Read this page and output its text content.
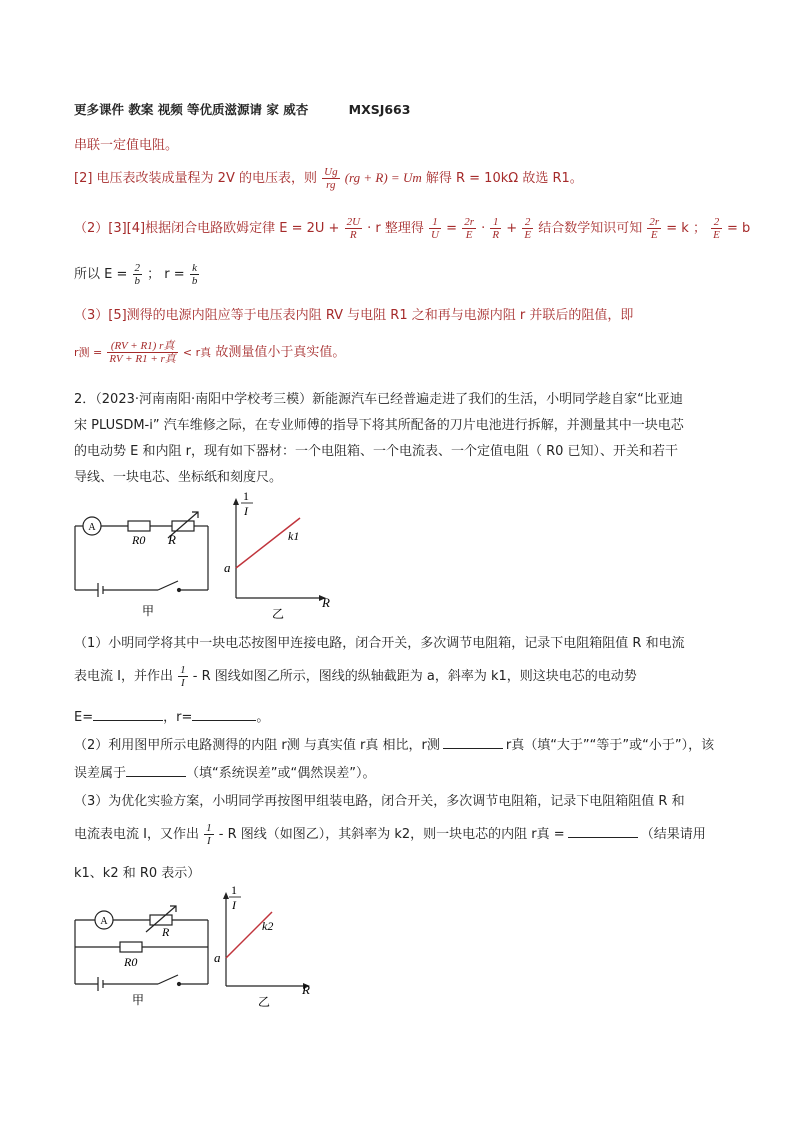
更多课件 教案 视频 等优质滋源请 家 威杏	MXSJ663
串联一定值电阻。
[2] 电压表改装成量程为 2V 的电压表，则 $\frac{Ug}{rg} (rg + R) = Um$ 解得 R = 10kΩ 故选 R1。
（2）[3][4]根据闭合电路欧姆定律 $E = 2U + \frac{2U}{R} \cdot r$ 整理得 $\frac{1}{U} = \frac{2r}{E} \cdot \frac{1}{R} + \frac{2}{E}$ 结合数学知识可知 $\frac{2r}{E} = k$ ； $\frac{2}{E} = b$
所以 $E = \frac{2}{b}$ ； $r = \frac{k}{b}$
（3）[5]测得的电源内阻应等于电压表内阻 RV 与电阻 R1 之和再与电源内阻 r 并联后的阻值，即
r测 = $\frac{\text{(RV + R1) r真}}{\text{RV + R1 + r真}} < r$真 故测量值小于真实值。
2．（2023·河南南阳·南阳中学校考三模）新能源汽车已经普遍走进了我们的生活，小明同学趁自家“比亚迪
宋 PLUSDM-i” 汽车维修之际，在专业师傅的指导下将其所配备的刀片电池进行拆解，并测量其中一块电芯
的电动势 E 和内阻 r，现有如下器材：一个电阻箱、一个电流表、一个定值电阻（ R0 已知）、开关和若干
导线、一块电芯、坐标纸和刻度尺。
A
R0 R
甲
1
I
a
k1
R
乙
（1）小明同学将其中一块电芯按图甲连接电路，闭合开关，多次调节电阻箱，记录下电阻箱阻值 R 和电流
表电流 I，并作出 $\frac{1}{I}$ - R 图线如图乙所示，图线的纵轴截距为 a，斜率为 k1，则这块电芯的电动势
E=	，r=	。
（2）利用图甲所示电路测得的内阻 r测 与真实值 r真 相比，r测	r真（填“大于”“等于”或“小于”），该
误差属于	（填“系统误差”或“偶然误差”）。
（3）为优化实验方案，小明同学再按图甲组装电路，闭合开关，多次调节电阻箱，记录下电阻箱阻值 R 和
电流表电流 I，又作出 $\frac{1}{I}$ - R 图线（如图乙），其斜率为 k2，则一块电芯的内阻 r真 =	（结果请用
k1、k2 和 R0 表示）
A
R
R0
甲
1
I
a
k2
R
乙
